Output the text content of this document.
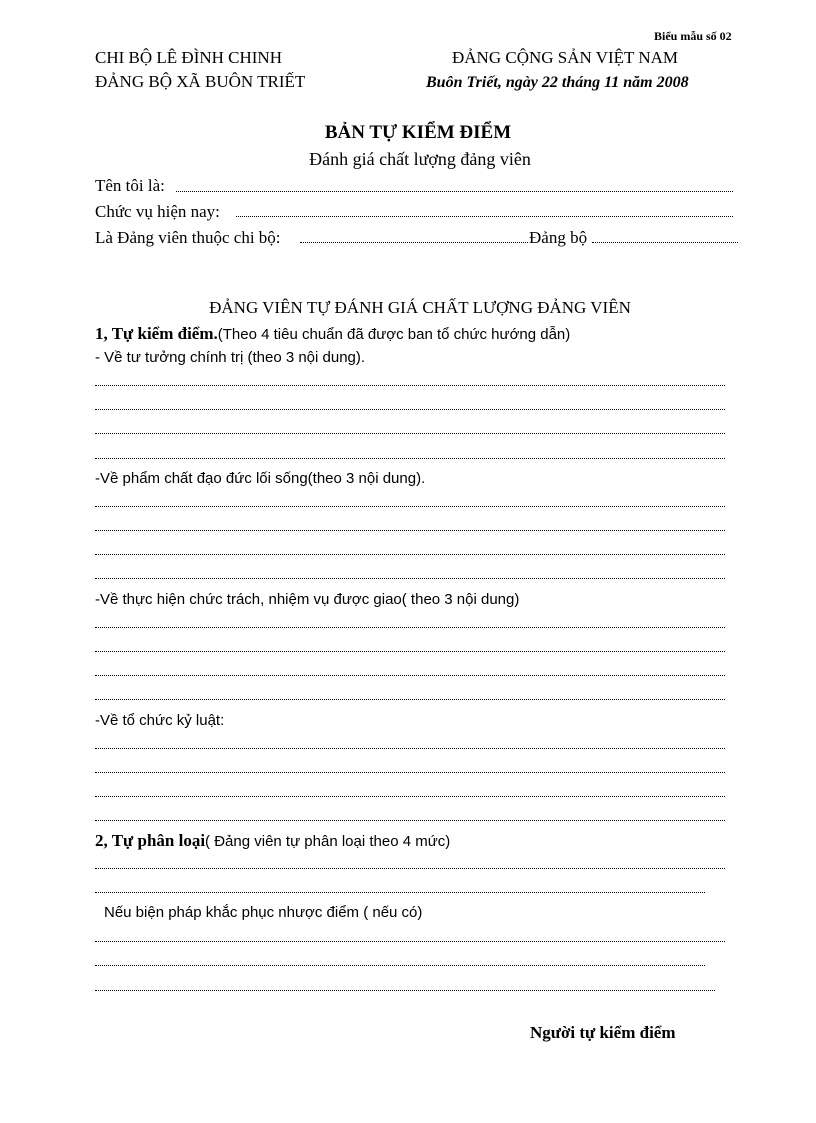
Biểu mẫu số 02
CHI BỘ LÊ ĐÌNH CHINH
ĐẢNG BỘ XÃ BUÔN TRIẾT
ĐẢNG CỘNG SẢN VIỆT NAM
Buôn Triết, ngày 22 tháng 11 năm 2008
BẢN TỰ KIỂM ĐIỂM
Đánh giá chất lượng đảng viên
Tên tôi là:
Chức vụ hiện nay:
Là Đảng viên thuộc chi bộ:	Đảng bộ
ĐẢNG VIÊN TỰ ĐÁNH GIÁ CHẤT LƯỢNG ĐẢNG VIÊN
1, Tự kiểm điểm.(Theo 4 tiêu chuẩn đã được ban tổ chức hướng dẫn)
- Về tư tưởng chính trị (theo 3 nội dung).
-Về phẩm chất đạo đức lối sống(theo 3 nội dung).
-Về thực hiện chức trách, nhiệm vụ được giao( theo 3 nội dung)
-Về tổ chức kỷ luật:
2, Tự phân loại( Đảng viên tự phân loại theo 4 mức)
Nếu biện pháp khắc phục nhược điểm ( nếu có)
Người tự kiểm điểm
